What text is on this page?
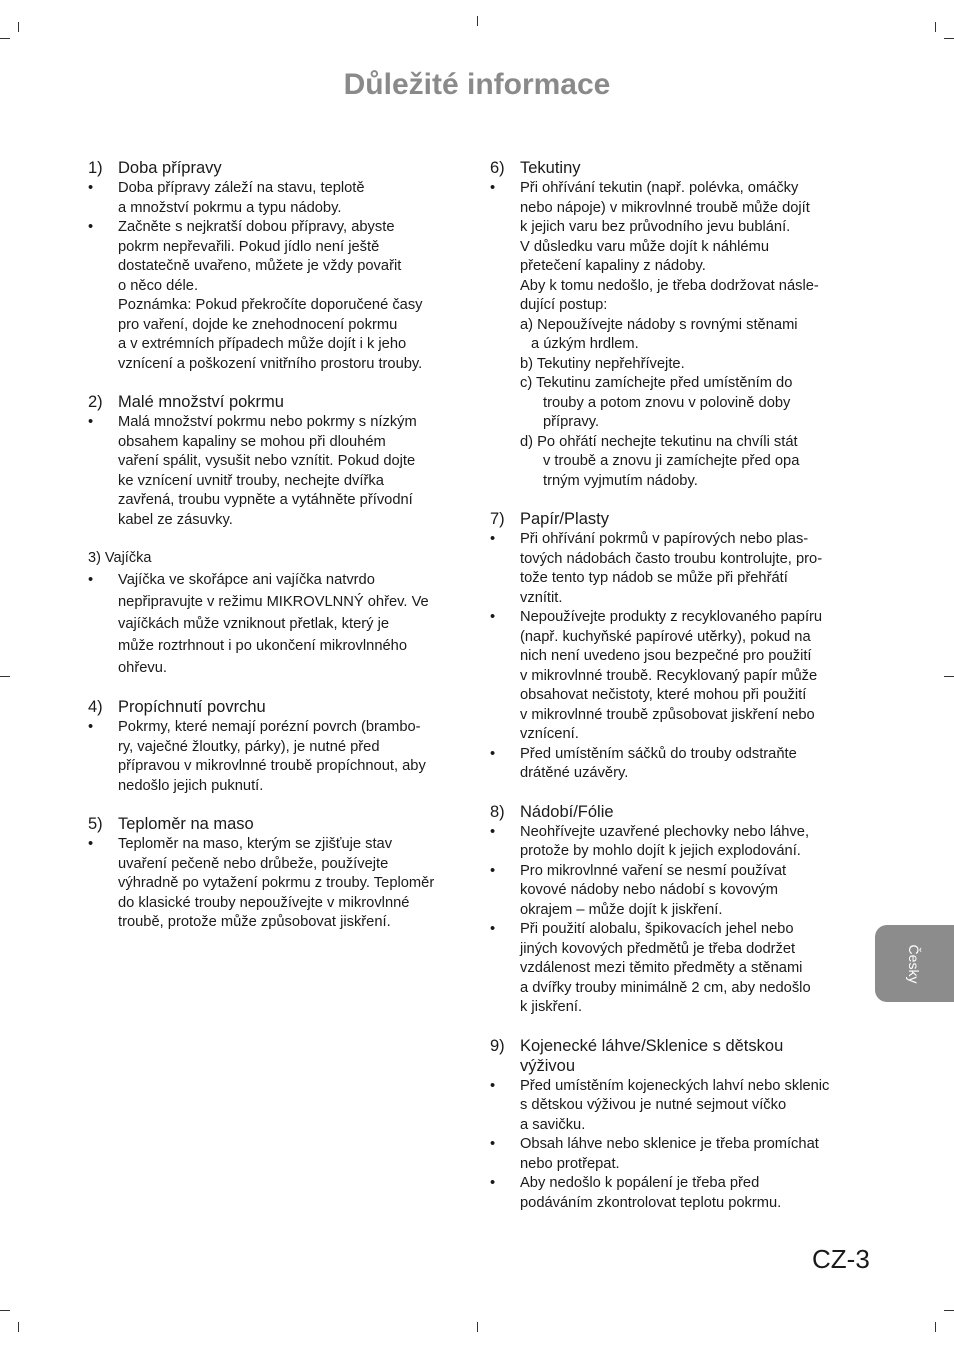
Důležité informace
1) Doba přípravy
•	Doba přípravy záleží na stavu, teplotě
a množství pokrmu a typu nádoby.
•	Začněte s nejkratší dobou přípravy, abyste
pokrm nepřevařili. Pokud jídlo není ještě
dostatečně uvařeno, můžete je vždy povařit
o něco déle.
Poznámka: Pokud překročíte doporučené časy
pro vaření, dojde ke znehodnocení pokrmu
a v extrémních případech může dojít i k jeho
vznícení a poškození vnitřního prostoru trouby.
2) Malé množství pokrmu
•	Malá množství pokrmu nebo pokrmy s nízkým
obsahem kapaliny se mohou při dlouhém
vaření spálit, vysušit nebo vznítit. Pokud dojte
ke vznícení uvnitř trouby, nechejte dvířka
zavřená, troubu vypněte a vytáhněte přívodní
kabel ze zásuvky.
3) Vajíčka
•	Vajíčka ve skořápce ani vajíčka natvrdo
nepřipravujte v režimu MIKROVLNNÝ ohřev. Ve
vajíčkách může vzniknout přetlak, který je
může roztrhnout i po ukončení mikrovlnného
ohřevu.
4) Propíchnutí povrchu
•	Pokrmy, které nemají porézní povrch (brambo-
ry, vaječné žloutky, párky), je nutné před
přípravou v mikrovlnné troubě propíchnout, aby
nedošlo jejich puknutí.
5) Teploměr na maso
•	Teploměr na maso, kterým se zjišťuje stav
uvaření pečeně nebo drůbeže, používejte
výhradně po vytažení pokrmu z trouby. Teploměr
do klasické trouby nepoužívejte v mikrovlnné
troubě, protože může způsobovat jiskření.
6) Tekutiny
•	Při ohřívání tekutin (např. polévka, omáčky
nebo nápoje) v mikrovlnné troubě může dojít
k jejich varu bez průvodního jevu bublání.
V důsledku varu může dojít k náhlému
přetečení kapaliny z nádoby.
Aby k tomu nedošlo, je třeba dodržovat násle-
dující postup:
a) Nepoužívejte nádoby s rovnými stěnami
a úzkým hrdlem.
b) Tekutiny nepřehřívejte.
c) Tekutinu zamíchejte před umístěním do
trouby a potom znovu v polovině doby
přípravy.
d) Po ohřátí nechejte tekutinu na chvíli stát
v troubě a znovu ji zamíchejte před opa
trným vyjmutím nádoby.
7) Papír/Plasty
•	Při ohřívání pokrmů v papírových nebo plas-
tových nádobách často troubu kontrolujte, pro-
tože tento typ nádob se může při přehřátí
vznítit.
•	Nepoužívejte produkty z recyklovaného papíru
(např. kuchyňské papírové utěrky), pokud na
nich není uvedeno jsou bezpečné pro použití
v mikrovlnné troubě. Recyklovaný papír může
obsahovat nečistoty, které mohou při použití
v mikrovlnné troubě způsobovat jiskření nebo
vznícení.
•	Před umístěním sáčků do trouby odstraňte
drátěné uzávěry.
8) Nádobí/Fólie
•	Neohřívejte uzavřené plechovky nebo láhve,
protože by mohlo dojít k jejich explodování.
•	Pro mikrovlnné vaření se nesmí používat
kovové nádoby nebo nádobí s kovovým
okrajem – může dojít k jiskření.
•	Při použití alobalu, špikovacích jehel nebo
jiných kovových předmětů je třeba dodržet
vzdálenost mezi těmito předměty a stěnami
a dvířky trouby minimálně 2 cm, aby nedošlo
k jiskření.
9) Kojenecké láhve/Sklenice s dětskou
výživou
•	Před umístěním kojeneckých lahví nebo sklenic
s dětskou výživou je nutné sejmout víčko
a savičku.
•	Obsah láhve nebo sklenice je třeba promíchat
nebo protřepat.
•	Aby nedošlo k popálení je třeba před
podáváním zkontrolovat teplotu pokrmu.
Česky
CZ-3
